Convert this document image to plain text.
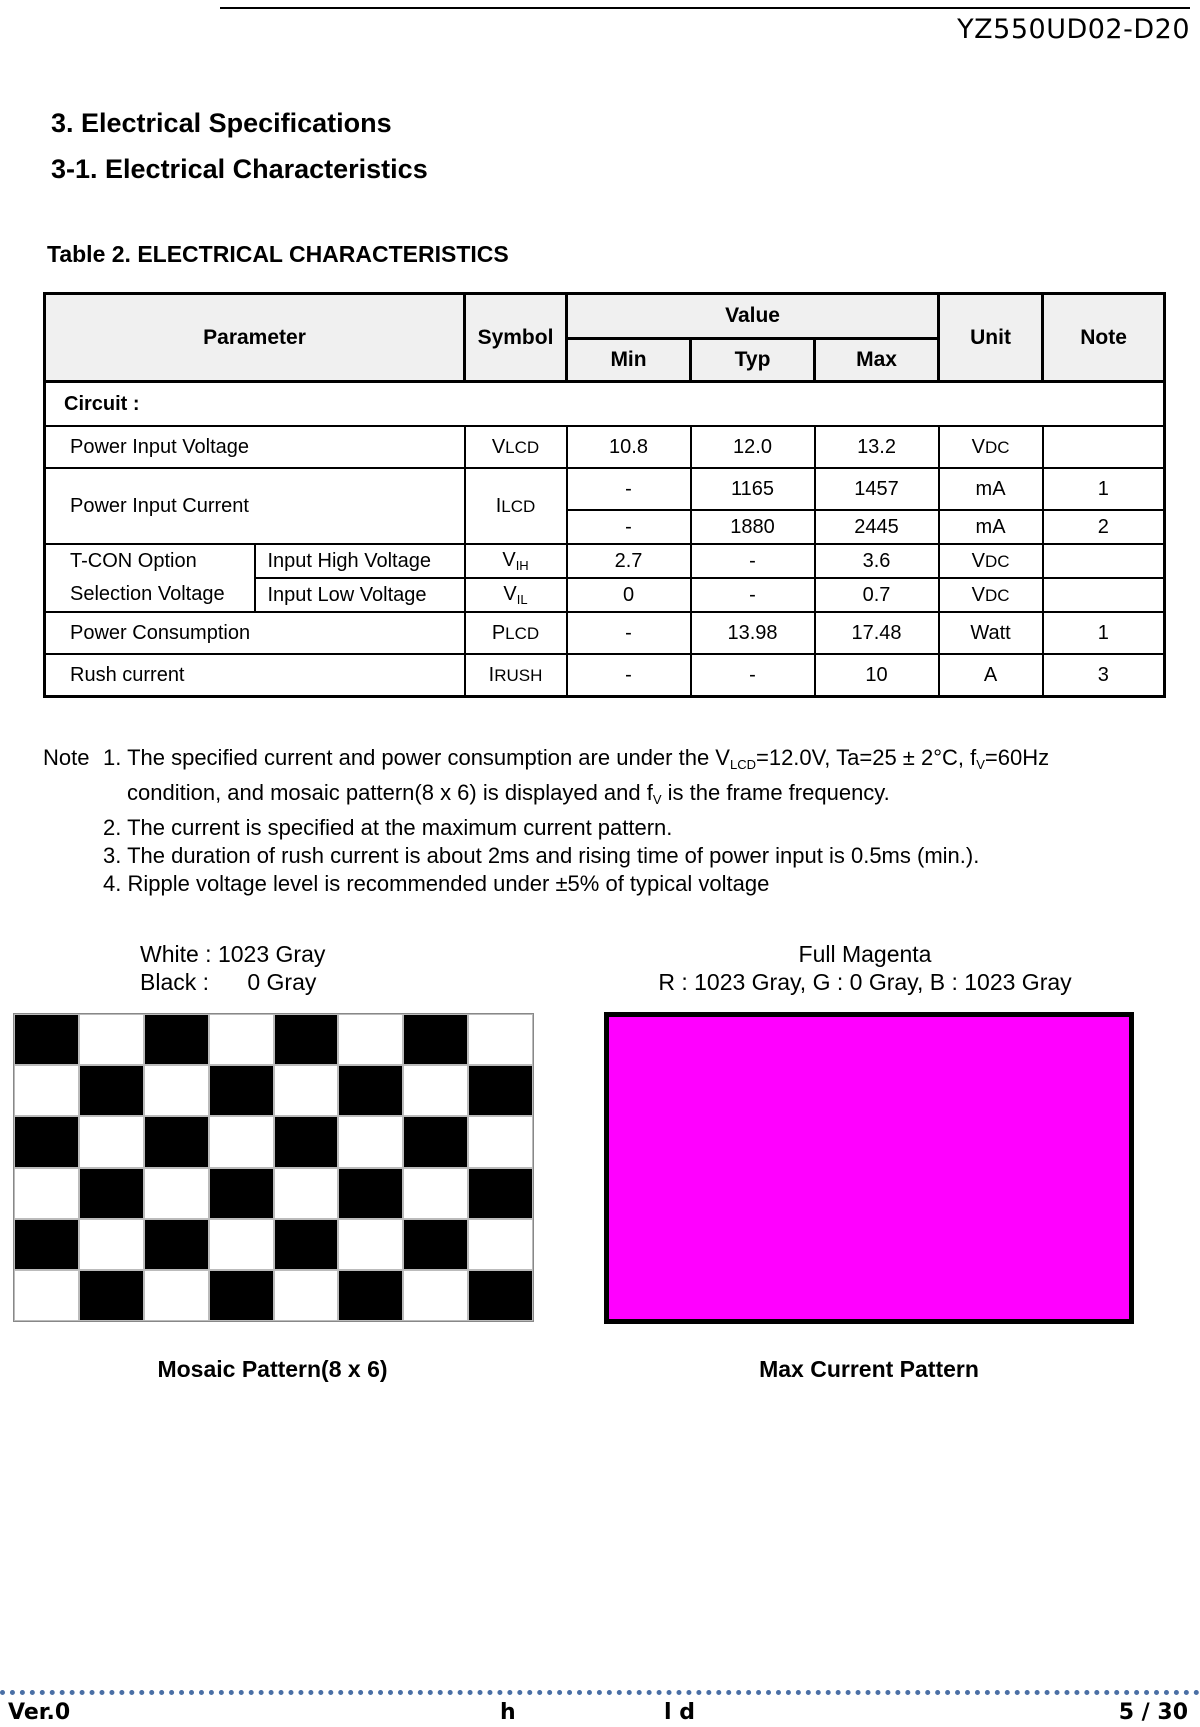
YZ550UD02-D20
3. Electrical Specifications
3-1. Electrical Characteristics
Table 2. ELECTRICAL CHARACTERISTICS
Parameter		Symbol	Value			Unit	Note
			Min	Typ	Max		
Circuit :							
Power Input Voltage		VLCD	10.8	12.0	13.2	VDC	
Power Input Current		ILCD	-	1165	1457	mA	1
			-	1880	2445	mA	2
T-CON Option	Input High Voltage	$V_{IH}$	2.7	-	3.6	VDC	
Selection Voltage	Input Low Voltage	$V_{IL}$	0	-	0.7	VDC	
Power Consumption		PLCD	-	13.98	17.48	Watt	1
Rush current		IRUSH	-	-	10	A	3
Note 1. The specified current and power consumption are under the $V_{LCD}=12.0V$, Ta=25 ± 2°C, $f_V=60Hz$
condition, and mosaic pattern(8 x 6) is displayed and $f_V$ is the frame frequency.
2. The current is specified at the maximum current pattern.
3. The duration of rush current is about 2ms and rising time of power input is 0.5ms (min.).
4. Ripple voltage level is recommended under ±5% of typical voltage
White : 1023 Gray
Black :      0 Gray
Full Magenta
R : 1023 Gray, G : 0 Gray, B : 1023 Gray
Mosaic Pattern(8 x 6)	Max Current Pattern
Ver.0	h	l d	5 / 30
